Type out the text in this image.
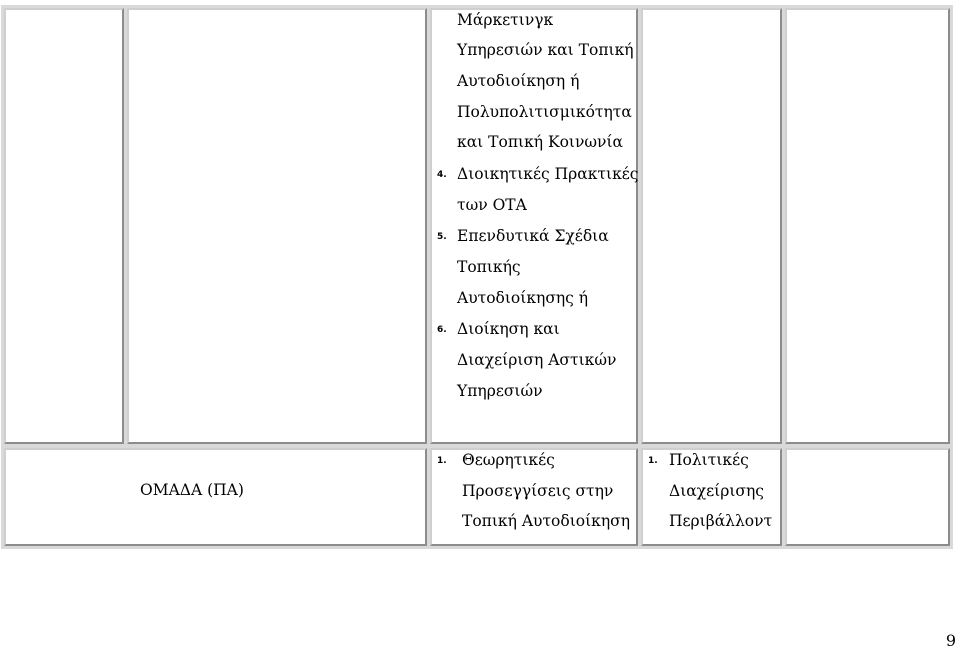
Μάρκετινγκ
Υπηρεσιών και Τοπική
Αυτοδιοίκηση ή
Πολυπολιτισμικότητα
και Τοπική Κοινωνία
4. Διοικητικές Πρακτικές
των ΟΤΑ
5. Επενδυτικά Σχέδια
Τοπικής
Αυτοδιοίκησης ή
6. Διοίκηση και
Διαχείριση Αστικών
Υπηρεσιών
ΟΜΑΔΑ (ΠΑ)
1. Θεωρητικές
Προσεγγίσεις στην
Τοπική Αυτοδιοίκηση
1. Πολιτικές
Διαχείρισης
Περιβάλλοντ
9
